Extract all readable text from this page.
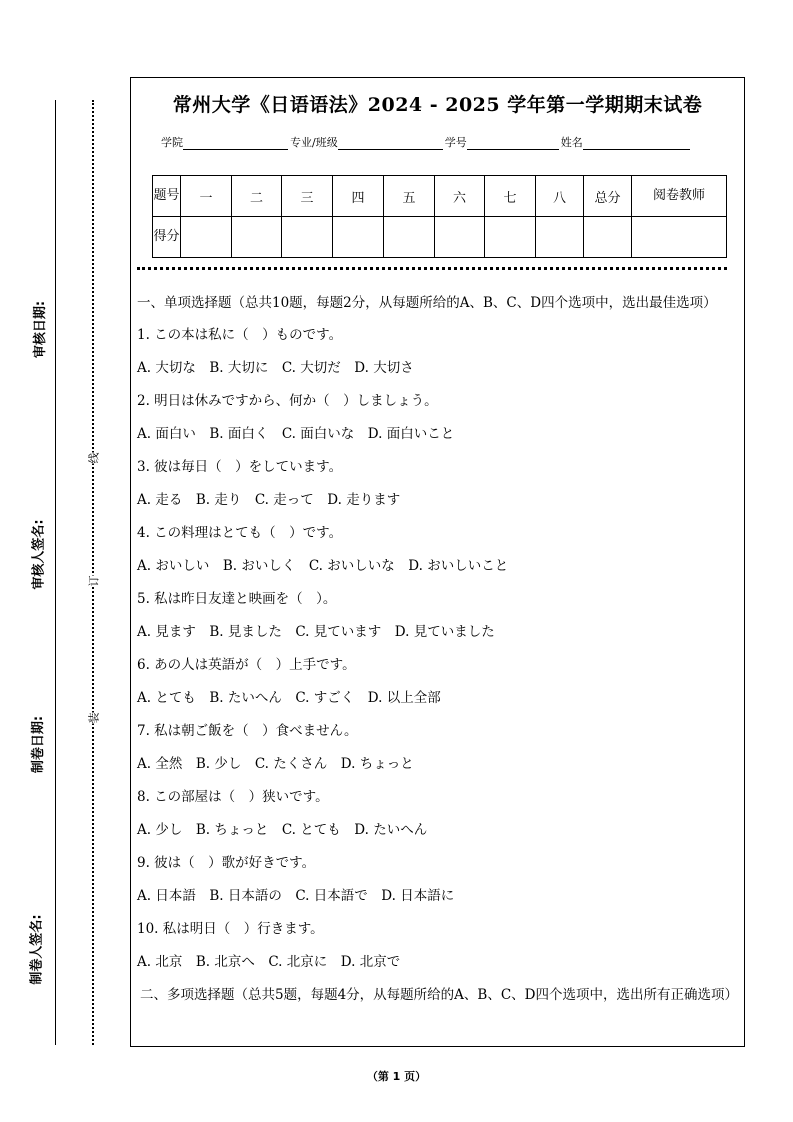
审核日期:
审核人签名:
制卷日期:
制卷人签名:
线
订
装
常州大学《日语语法》2024 - 2025 学年第一学期期末试卷
学院	专业/班级	学号	姓名
题号	一	二	三	四	五	六	七	八	总分	阅卷教师
得分										
一、单项选择题（总共10题，每题2分，从每题所给的A、B、C、D四个选项中，选出最佳选项）
1. この本は私に（　）ものです。
A. 大切な　B. 大切に　C. 大切だ　D. 大切さ
2. 明日は休みですから、何か（　）しましょう。
A. 面白い　B. 面白く　C. 面白いな　D. 面白いこと
3. 彼は毎日（　）をしています。
A. 走る　B. 走り　C. 走って　D. 走ります
4. この料理はとても（　）です。
A. おいしい　B. おいしく　C. おいしいな　D. おいしいこと
5. 私は昨日友達と映画を（　）。
A. 見ます　B. 見ました　C. 見ています　D. 見ていました
6. あの人は英語が（　）上手です。
A. とても　B. たいへん　C. すごく　D. 以上全部
7. 私は朝ご飯を（　）食べません。
A. 全然　B. 少し　C. たくさん　D. ちょっと
8. この部屋は（　）狭いです。
A. 少し　B. ちょっと　C. とても　D. たいへん
9. 彼は（　）歌が好きです。
A. 日本語　B. 日本語の　C. 日本語で　D. 日本語に
10. 私は明日（　）行きます。
A. 北京　B. 北京へ　C. 北京に　D. 北京で
二、多项选择题（总共5题，每题4分，从每题所给的A、B、C、D四个选项中，选出所有正确选项）
（第 1 页）
